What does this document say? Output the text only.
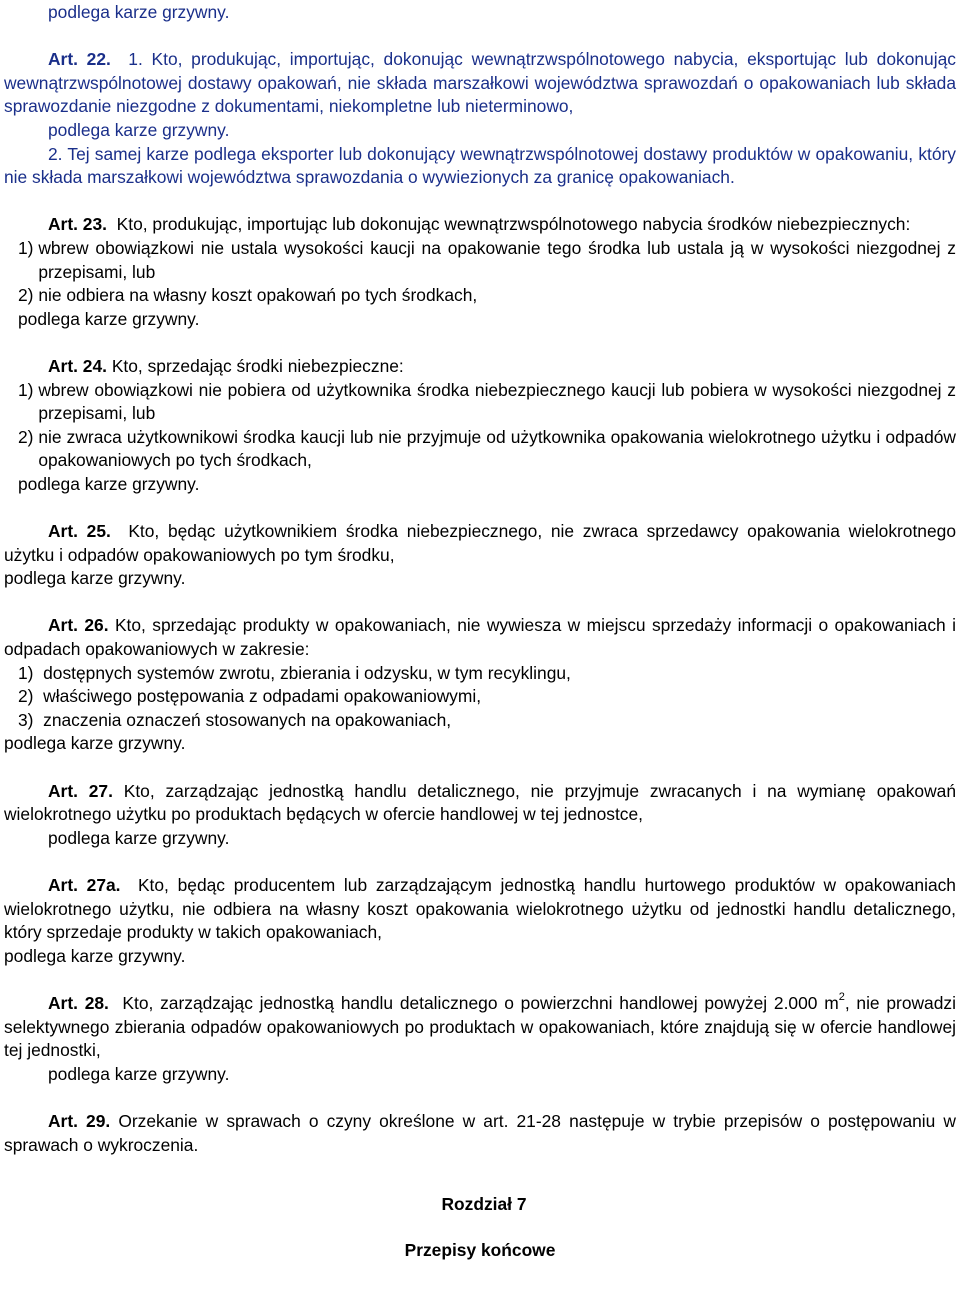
podlega karze grzywny.

Art. 22. 1. Kto, produkując, importując, dokonując wewnątrzwspólnotowego nabycia, eksportując lub dokonując wewnątrzwspólnotowej dostawy opakowań, nie składa marszałkowi województwa sprawozdań o opakowaniach lub składa sprawozdanie niezgodne z dokumentami, niekompletne lub nieterminowo,

podlega karze grzywny.

2. Tej samej karze podlega eksporter lub dokonujący wewnątrzwspólnotowej dostawy produktów w opakowaniu, który nie składa marszałkowi województwa sprawozdania o wywiezionych za granicę opakowaniach.

Art. 23. Kto, produkując, importując lub dokonując wewnątrzwspólnotowego nabycia środków niebezpiecznych:

1)
wbrew obowiązkowi nie ustala wysokości kaucji na opakowanie tego środka lub ustala ją w wysokości niezgodnej z przepisami, lub
2)
nie odbiera na własny koszt opakowań po tych środkach,

podlega karze grzywny.

Art. 24. Kto, sprzedając środki niebezpieczne:

1)
wbrew obowiązkowi nie pobiera od użytkownika środka niebezpiecznego kaucji lub pobiera w wysokości niezgodnej z przepisami, lub
2)
nie zwraca użytkownikowi środka kaucji lub nie przyjmuje od użytkownika opakowania wielokrotnego użytku i odpadów opakowaniowych po tych środkach,

podlega karze grzywny.

Art. 25. Kto, będąc użytkownikiem środka niebezpiecznego, nie zwraca sprzedawcy opakowania wielokrotnego użytku i odpadów opakowaniowych po tym środku,

podlega karze grzywny.

Art. 26. Kto, sprzedając produkty w opakowaniach, nie wywiesza w miejscu sprzedaży informacji o opakowaniach i odpadach opakowaniowych w zakresie:

1)
dostępnych systemów zwrotu, zbierania i odzysku, w tym recyklingu,
2)
właściwego postępowania z odpadami opakowaniowymi,
3)
znaczenia oznaczeń stosowanych na opakowaniach,

podlega karze grzywny.

Art. 27. Kto, zarządzając jednostką handlu detalicznego, nie przyjmuje zwracanych i na wymianę opakowań wielokrotnego użytku po produktach będących w ofercie handlowej w tej jednostce,

podlega karze grzywny.

Art. 27a. Kto, będąc producentem lub zarządzającym jednostką handlu hurtowego produktów w opakowaniach wielokrotnego użytku, nie odbiera na własny koszt opakowania wielokrotnego użytku od jednostki handlu detalicznego, który sprzedaje produkty w takich opakowaniach,

podlega karze grzywny.

Art. 28. Kto, zarządzając jednostką handlu detalicznego o powierzchni handlowej powyżej 2.000 $m^2$, nie prowadzi selektywnego zbierania odpadów opakowaniowych po produktach w opakowaniach, które znajdują się w ofercie handlowej tej jednostki,

podlega karze grzywny.

Art. 29. Orzekanie w sprawach o czyny określone w art. 21-28 następuje w trybie przepisów o postępowaniu w sprawach o wykroczenia.

Rozdział 7

Przepisy końcowe
